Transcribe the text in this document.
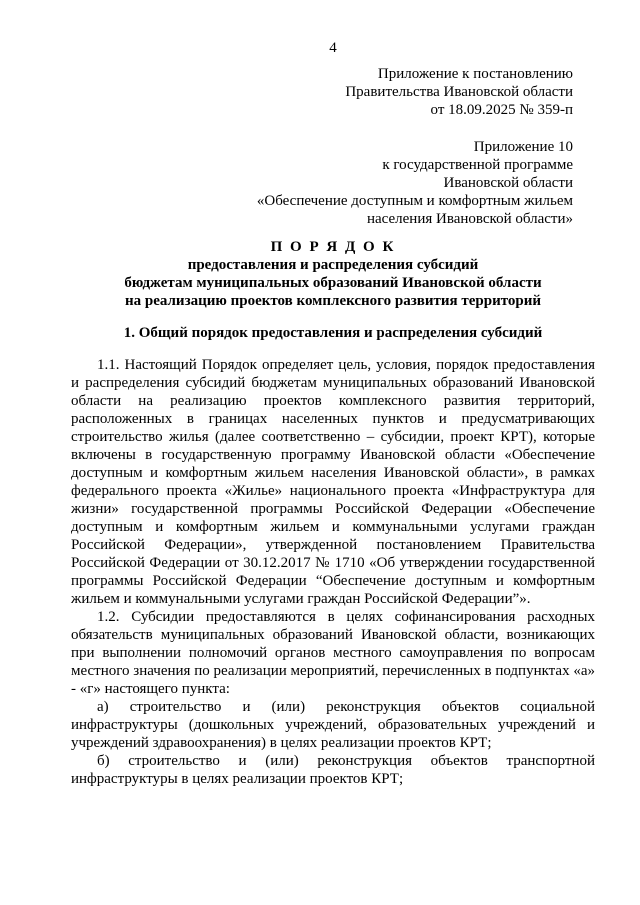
4
Приложение к постановлению
Правительства Ивановской области
от 18.09.2025 № 359-п
Приложение 10
к государственной программе
Ивановской области
«Обеспечение доступным и комфортным жильем
населения Ивановской области»
П О Р Я Д О К
предоставления и распределения субсидий
бюджетам муниципальных образований Ивановской области
на реализацию проектов комплексного развития территорий
1. Общий порядок предоставления и распределения субсидий

1.1. Настоящий Порядок определяет цель, условия, порядок предоставления и распределения субсидий бюджетам муниципальных образований Ивановской области на реализацию проектов комплексного развития территорий, расположенных в границах населенных пунктов и предусматривающих строительство жилья (далее соответственно – субсидии, проект КРТ), которые включены в государственную программу Ивановской области «Обеспечение доступным и комфортным жильем населения Ивановской области», в рамках федерального проекта «Жилье» национального проекта «Инфраструктура для жизни» государственной программы Российской Федерации «Обеспечение доступным и комфортным жильем и коммунальными услугами граждан Российской Федерации», утвержденной постановлением Правительства Российской Федерации от 30.12.2017 № 1710 «Об утверждении государственной программы Российской Федерации “Обеспечение доступным и комфортным жильем и коммунальными услугами граждан Российской Федерации”».

1.2. Субсидии предоставляются в целях софинансирования расходных обязательств муниципальных образований Ивановской области, возникающих при выполнении полномочий органов местного самоуправления по вопросам местного значения по реализации мероприятий, перечисленных в подпунктах «а» - «г» настоящего пункта:

а) строительство и (или) реконструкция объектов социальной инфраструктуры (дошкольных учреждений, образовательных учреждений и учреждений здравоохранения) в целях реализации проектов КРТ;

б) строительство и (или) реконструкция объектов транспортной инфраструктуры в целях реализации проектов КРТ;
